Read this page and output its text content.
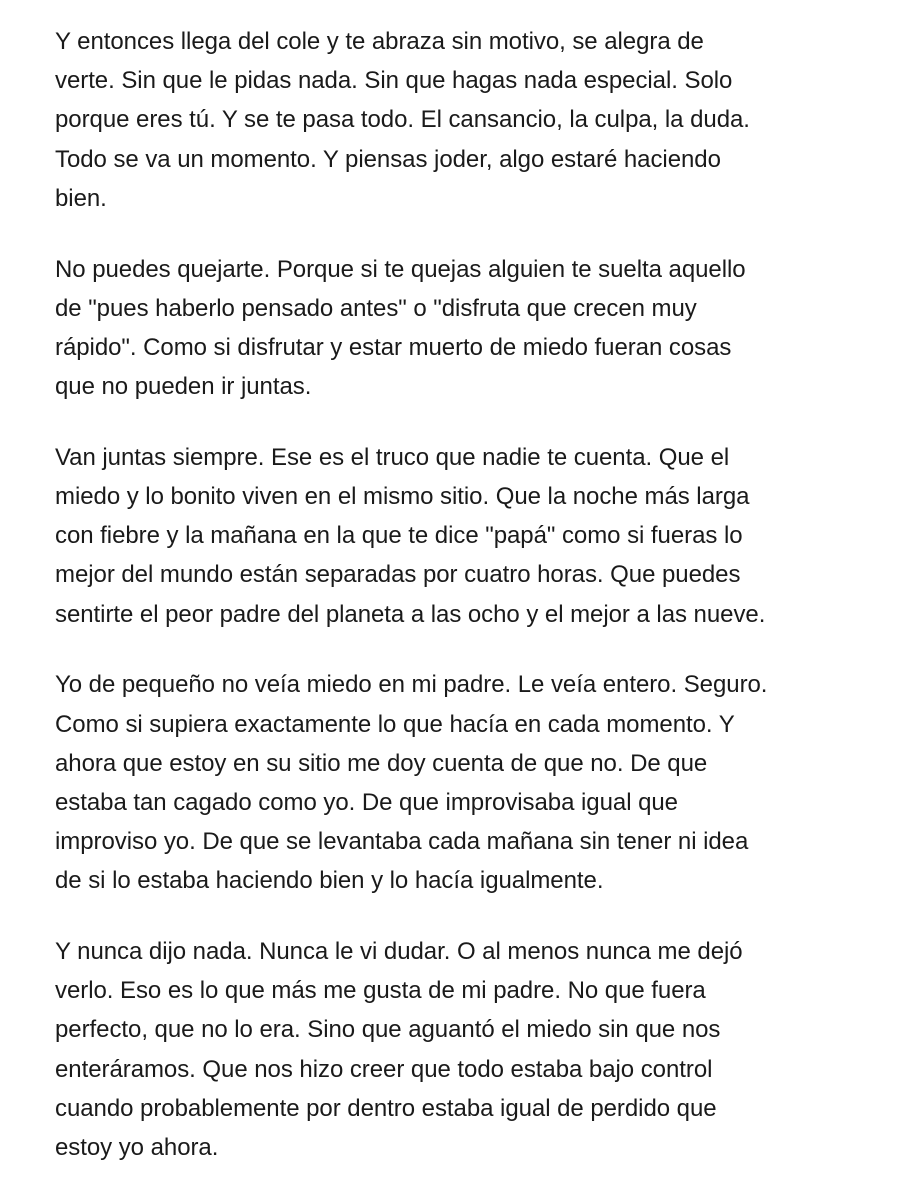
Y entonces llega del cole y te abraza sin motivo, se alegra de
verte. Sin que le pidas nada. Sin que hagas nada especial. Solo
porque eres tú. Y se te pasa todo. El cansancio, la culpa, la duda.
Todo se va un momento. Y piensas joder, algo estaré haciendo
bien.

No puedes quejarte. Porque si te quejas alguien te suelta aquello
de "pues haberlo pensado antes" o "disfruta que crecen muy
rápido". Como si disfrutar y estar muerto de miedo fueran cosas
que no pueden ir juntas.

Van juntas siempre. Ese es el truco que nadie te cuenta. Que el
miedo y lo bonito viven en el mismo sitio. Que la noche más larga
con fiebre y la mañana en la que te dice "papá" como si fueras lo
mejor del mundo están separadas por cuatro horas. Que puedes
sentirte el peor padre del planeta a las ocho y el mejor a las nueve.

Yo de pequeño no veía miedo en mi padre. Le veía entero. Seguro.
Como si supiera exactamente lo que hacía en cada momento. Y
ahora que estoy en su sitio me doy cuenta de que no. De que
estaba tan cagado como yo. De que improvisaba igual que
improviso yo. De que se levantaba cada mañana sin tener ni idea
de si lo estaba haciendo bien y lo hacía igualmente.

Y nunca dijo nada. Nunca le vi dudar. O al menos nunca me dejó
verlo. Eso es lo que más me gusta de mi padre. No que fuera
perfecto, que no lo era. Sino que aguantó el miedo sin que nos
enteráramos. Que nos hizo creer que todo estaba bajo control
cuando probablemente por dentro estaba igual de perdido que
estoy yo ahora.
